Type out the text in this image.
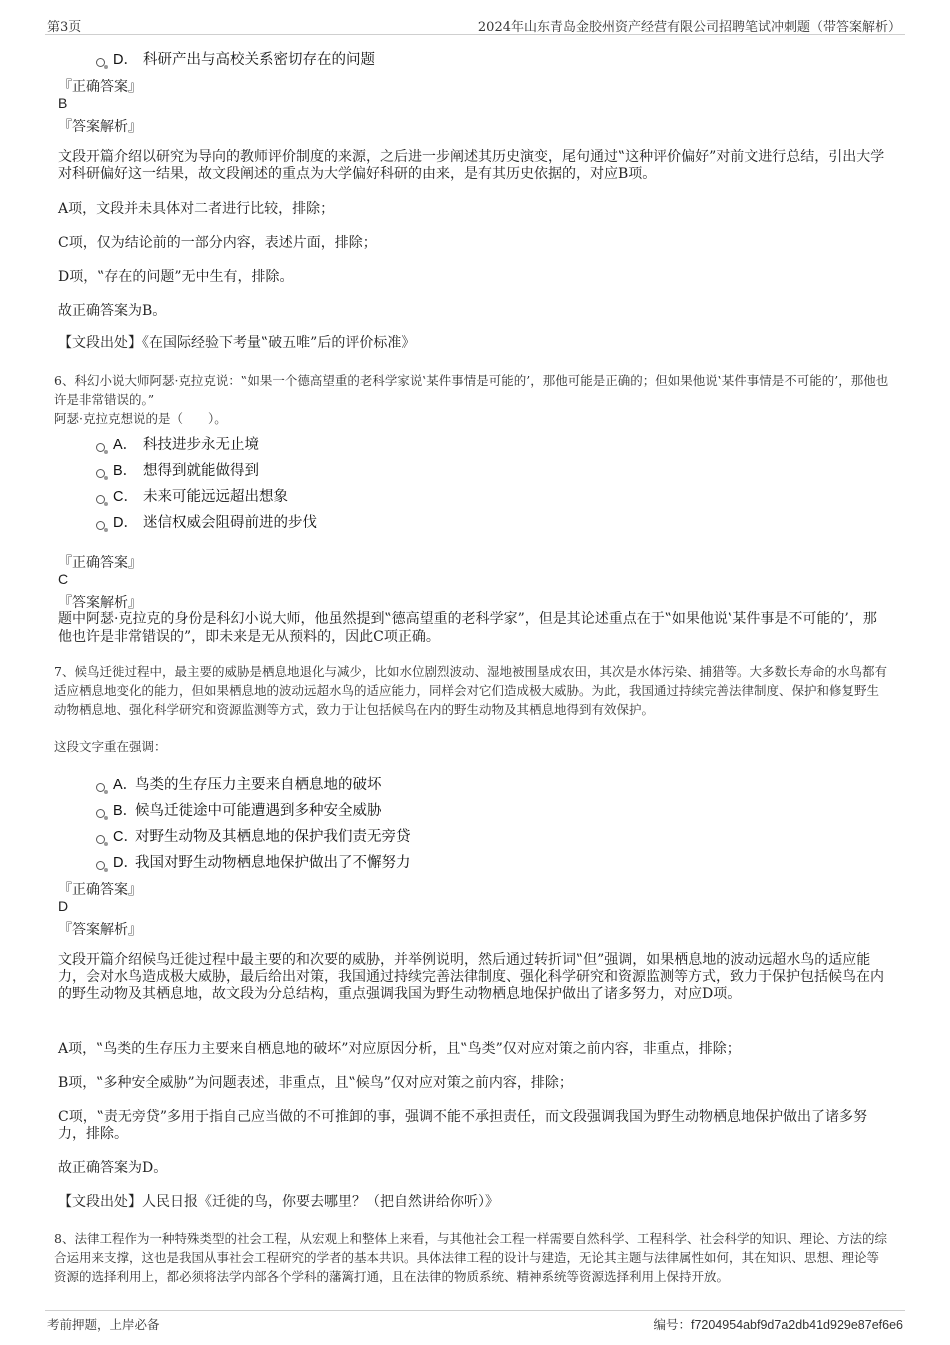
第3页	2024年山东青岛金胶州资产经营有限公司招聘笔试冲刺题（带答案解析）
D． 科研产出与高校关系密切存在的问题
『正确答案』
B
『答案解析』
文段开篇介绍以研究为导向的教师评价制度的来源，之后进一步阐述其历史演变，尾句通过‟这种评价偏好”对前文进行总结，引出大学对科研偏好这一结果，故文段阐述的重点为大学偏好科研的由来，是有其历史依据的，对应B项。
A项，文段并未具体对二者进行比较，排除；
C项，仅为结论前的一部分内容，表述片面，排除；
D项，‟存在的问题”无中生有，排除。
故正确答案为B。
【文段出处】《在国际经验下考量‟破五唯”后的评价标准》
6、科幻小说大师阿瑟·克拉克说：‟如果一个德高望重的老科学家说‛某件事情是可能的’，那他可能是正确的；但如果他说‛某件事情是不可能的’，那他也许是非常错误的。”
阿瑟·克拉克想说的是（　　）。
A． 科技进步永无止境
B． 想得到就能做得到
C． 未来可能远远超出想象
D． 迷信权威会阻碍前进的步伐
『正确答案』
C
『答案解析』
题中阿瑟·克拉克的身份是科幻小说大师，他虽然提到‟德高望重的老科学家”，但是其论述重点在于‟如果他说‛某件事是不可能的’，那他也许是非常错误的”，即未来是无从预料的，因此C项正确。
7、候鸟迁徙过程中，最主要的威胁是栖息地退化与减少，比如水位剧烈波动、湿地被围垦成农田，其次是水体污染、捕猎等。大多数长寿命的水鸟都有适应栖息地变化的能力，但如果栖息地的波动远超水鸟的适应能力，同样会对它们造成极大威胁。为此，我国通过持续完善法律制度、保护和修复野生动物栖息地、强化科学研究和资源监测等方式，致力于让包括候鸟在内的野生动物及其栖息地得到有效保护。
这段文字重在强调：
A．鸟类的生存压力主要来自栖息地的破坏
B．候鸟迁徙途中可能遭遇到多种安全威胁
C．对野生动物及其栖息地的保护我们责无旁贷
D．我国对野生动物栖息地保护做出了不懈努力
『正确答案』
D
『答案解析』
文段开篇介绍候鸟迁徙过程中最主要的和次要的威胁，并举例说明，然后通过转折词‟但”强调，如果栖息地的波动远超水鸟的适应能力，会对水鸟造成极大威胁，最后给出对策，我国通过持续完善法律制度、强化科学研究和资源监测等方式，致力于保护包括候鸟在内的野生动物及其栖息地，故文段为分总结构，重点强调我国为野生动物栖息地保护做出了诸多努力，对应D项。
A项，‟鸟类的生存压力主要来自栖息地的破坏”对应原因分析，且‟鸟类”仅对应对策之前内容，非重点，排除；
B项，‟多种安全威胁”为问题表述，非重点，且‟候鸟”仅对应对策之前内容，排除；
C项，‟责无旁贷”多用于指自己应当做的不可推卸的事，强调不能不承担责任，而文段强调我国为野生动物栖息地保护做出了诸多努力，排除。
故正确答案为D。
【文段出处】人民日报《迁徙的鸟，你要去哪里？（把自然讲给你听）》
8、法律工程作为一种特殊类型的社会工程，从宏观上和整体上来看，与其他社会工程一样需要自然科学、工程科学、社会科学的知识、理论、方法的综合运用来支撑，这也是我国从事社会工程研究的学者的基本共识。具体法律工程的设计与建造，无论其主题与法律属性如何，其在知识、思想、理论等资源的选择利用上，都必须将法学内部各个学科的藩篱打通，且在法律的物质系统、精神系统等资源选择利用上保持开放。
考前押题，上岸必备	编号：f7204954abf9d7a2db41d929e87ef6e6
